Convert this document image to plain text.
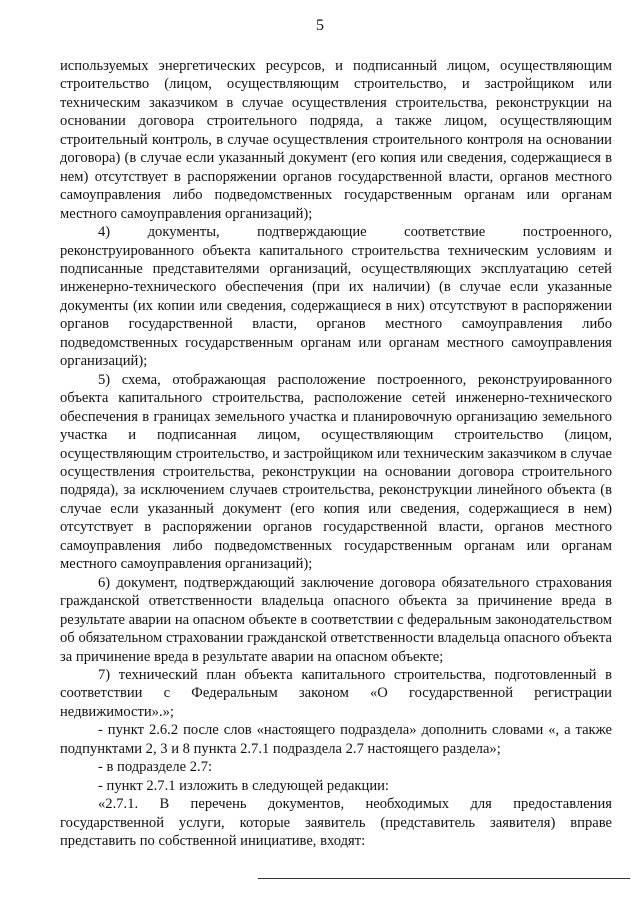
5

используемых энергетических ресурсов, и подписанный лицом, осуществляющим строительство (лицом, осуществляющим строительство, и застройщиком или техническим заказчиком в случае осуществления строительства, реконструкции на основании договора строительного подряда, а также лицом, осуществляющим строительный контроль, в случае осуществления строительного контроля на основании договора) (в случае если указанный документ (его копия или сведения, содержащиеся в нем) отсутствует в распоряжении органов государственной власти, органов местного самоуправления либо подведомственных государственным органам или органам местного самоуправления организаций);

4) документы, подтверждающие соответствие построенного, реконструированного объекта капитального строительства техническим условиям и подписанные представителями организаций, осуществляющих эксплуатацию сетей инженерно-технического обеспечения (при их наличии) (в случае если указанные документы (их копии или сведения, содержащиеся в них) отсутствуют в распоряжении органов государственной власти, органов местного самоуправления либо подведомственных государственным органам или органам местного самоуправления организаций);

5) схема, отображающая расположение построенного, реконструированного объекта капитального строительства, расположение сетей инженерно-технического обеспечения в границах земельного участка и планировочную организацию земельного участка и подписанная лицом, осуществляющим строительство (лицом, осуществляющим строительство, и застройщиком или техническим заказчиком в случае осуществления строительства, реконструкции на основании договора строительного подряда), за исключением случаев строительства, реконструкции линейного объекта (в случае если указанный документ (его копия или сведения, содержащиеся в нем) отсутствует в распоряжении органов государственной власти, органов местного самоуправления либо подведомственных государственным органам или органам местного самоуправления организаций);

6) документ, подтверждающий заключение договора обязательного страхования гражданской ответственности владельца опасного объекта за причинение вреда в результате аварии на опасном объекте в соответствии с федеральным законодательством об обязательном страховании гражданской ответственности владельца опасного объекта за причинение вреда в результате аварии на опасном объекте;

7) технический план объекта капитального строительства, подготовленный в соответствии с Федеральным законом «О государственной регистрации недвижимости».»;

- пункт 2.6.2 после слов «настоящего подраздела» дополнить словами «, а также подпунктами 2, 3 и 8 пункта 2.7.1 подраздела 2.7 настоящего раздела»;

- в подразделе 2.7:

- пункт 2.7.1 изложить в следующей редакции:

«2.7.1. В перечень документов, необходимых для предоставления государственной услуги, которые заявитель (представитель заявителя) вправе представить по собственной инициативе, входят:
